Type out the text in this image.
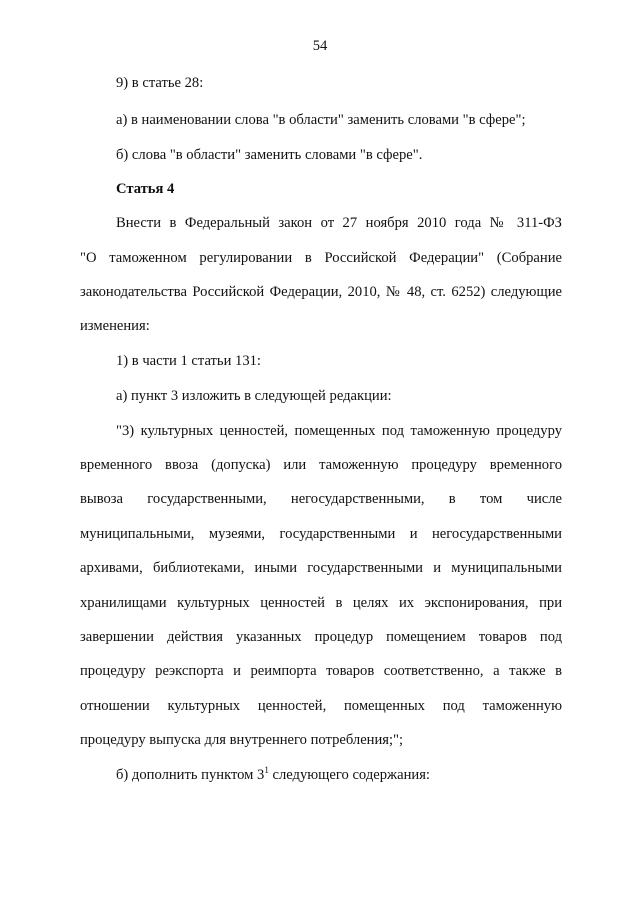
54
9) в статье 28:
а) в наименовании слова "в области" заменить словами "в сфере";
б) слова "в области" заменить словами "в сфере".
Статья 4
Внести в Федеральный закон от 27 ноября 2010 года № 311-ФЗ
"О таможенном регулировании в Российской Федерации" (Собрание
законодательства Российской Федерации, 2010, № 48, ст. 6252) следующие
изменения:
1) в части 1 статьи 131:
а) пункт 3 изложить в следующей редакции:
"3) культурных ценностей, помещенных под таможенную процедуру
временного ввоза (допуска) или таможенную процедуру временного
вывоза государственными, негосударственными, в том числе
муниципальными, музеями, государственными и негосударственными
архивами, библиотеками, иными государственными и муниципальными
хранилищами культурных ценностей в целях их экспонирования, при
завершении действия указанных процедур помещением товаров под
процедуру реэкспорта и реимпорта товаров соответственно, а также в
отношении культурных ценностей, помещенных под таможенную
процедуру выпуска для внутреннего потребления;";
б) дополнить пунктом $3^1$ следующего содержания:
